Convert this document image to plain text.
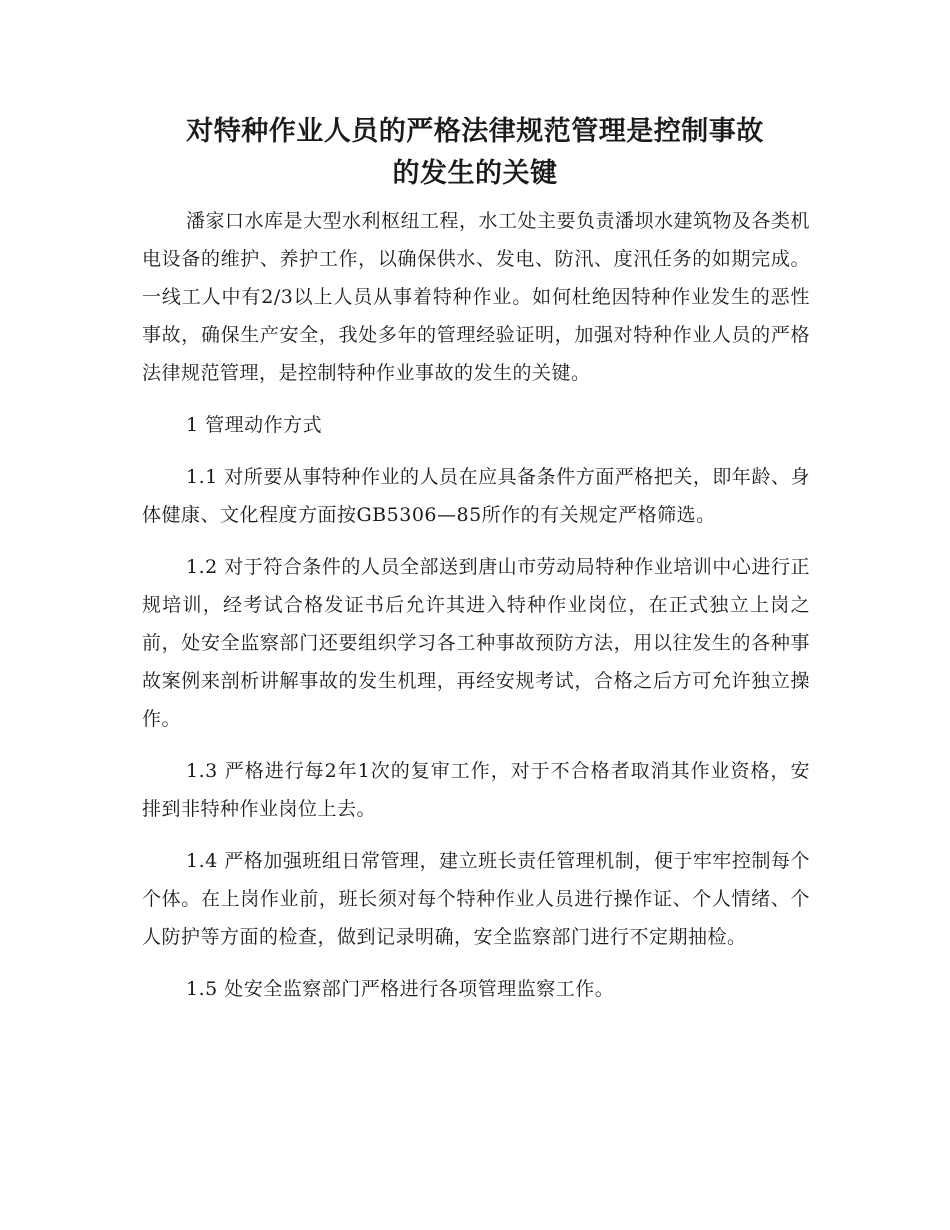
对特种作业人员的严格法律规范管理是控制事故
的发生的关键

潘家口水库是大型水利枢纽工程，水工处主要负责潘坝水建筑物及各类机电设备的维护、养护工作，以确保供水、发电、防汛、度汛任务的如期完成。一线工人中有2/3以上人员从事着特种作业。如何杜绝因特种作业发生的恶性事故，确保生产安全，我处多年的管理经验证明，加强对特种作业人员的严格法律规范管理，是控制特种作业事故的发生的关键。

1 管理动作方式

1.1 对所要从事特种作业的人员在应具备条件方面严格把关，即年龄、身体健康、文化程度方面按GB5306—85所作的有关规定严格筛选。

1.2 对于符合条件的人员全部送到唐山市劳动局特种作业培训中心进行正规培训，经考试合格发证书后允许其进入特种作业岗位，在正式独立上岗之前，处安全监察部门还要组织学习各工种事故预防方法，用以往发生的各种事故案例来剖析讲解事故的发生机理，再经安规考试，合格之后方可允许独立操作。

1.3 严格进行每2年1次的复审工作，对于不合格者取消其作业资格，安排到非特种作业岗位上去。

1.4 严格加强班组日常管理，建立班长责任管理机制，便于牢牢控制每个个体。在上岗作业前，班长须对每个特种作业人员进行操作证、个人情绪、个人防护等方面的检查，做到记录明确，安全监察部门进行不定期抽检。

1.5 处安全监察部门严格进行各项管理监察工作。
